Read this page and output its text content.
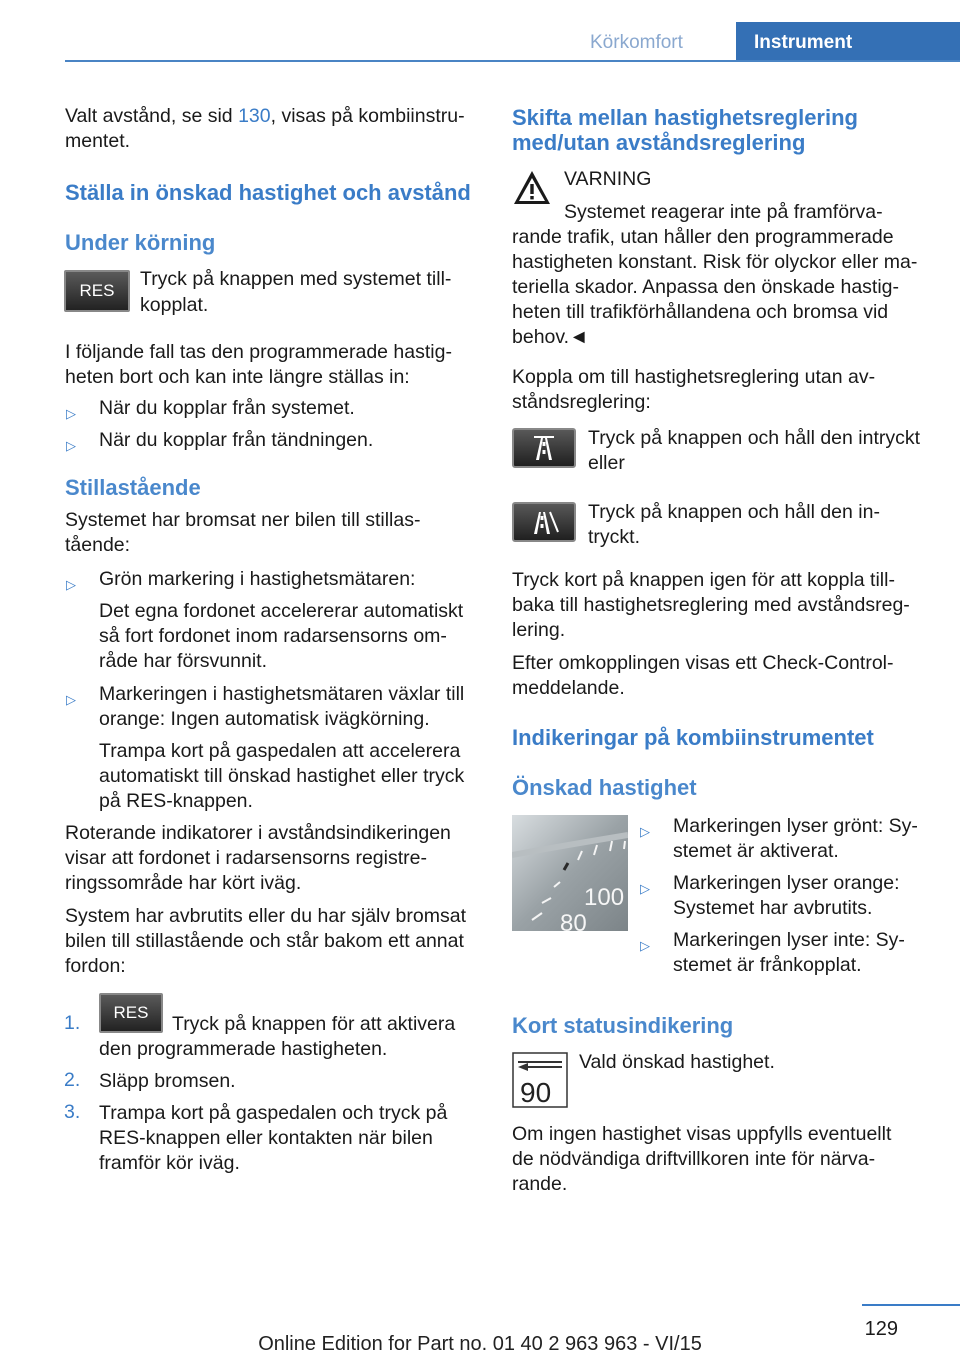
Körkomfort	Instrument
Valt avstånd, se sid 130, visas på kombiinstru-
mentet.
Ställa in önskad hastighet och avstånd
Under körning
RES
Tryck på knappen med systemet till-
kopplat.
I följande fall tas den programmerade hastig-
heten bort och kan inte längre ställas in:
▷ När du kopplar från systemet.
▷ När du kopplar från tändningen.
Stillastående
Systemet har bromsat ner bilen till stillas-
tående:
▷ Grön markering i hastighetsmätaren:
Det egna fordonet accelererar automatiskt
så fort fordonet inom radarsensorns om-
råde har försvunnit.
▷ Markeringen i hastighetsmätaren växlar till
orange: Ingen automatisk ivägkörning.
Trampa kort på gaspedalen att accelerera
automatiskt till önskad hastighet eller tryck
på RES-knappen.
Roterande indikatorer i avståndsindikeringen
visar att fordonet i radarsensorns registre-
ringssområde har kört iväg.
System har avbrutits eller du har själv bromsat
bilen till stillastående och står bakom ett annat
fordon:
1.	RES
Tryck på knappen för att aktivera
den programmerade hastigheten.
2. Släpp bromsen.
3. Trampa kort på gaspedalen och tryck på
RES-knappen eller kontakten när bilen
framför kör iväg.
Skifta mellan hastighetsreglering
med/utan avståndsreglering
VARNING
Systemet reagerar inte på framförva-
rande trafik, utan håller den programmerade
hastigheten konstant. Risk för olyckor eller ma-
teriella skador. Anpassa den önskade hastig-
heten till trafikförhållandena och bromsa vid
behov.◄
Koppla om till hastighetsreglering utan av-
ståndsreglering:
Tryck på knappen och håll den intryckt
eller
Tryck på knappen och håll den in-
tryckt.
Tryck kort på knappen igen för att koppla till-
baka till hastighetsreglering med avståndsreg-
lering.
Efter omkopplingen visas ett Check-Control-
meddelande.
Indikeringar på kombiinstrumentet
Önskad hastighet
100
80
▷ Markeringen lyser grönt: Sy-
stemet är aktiverat.
▷ Markeringen lyser orange:
Systemet har avbrutits.
▷ Markeringen lyser inte: Sy-
stemet är frånkopplat.
Kort statusindikering
90
Vald önskad hastighet.
Om ingen hastighet visas uppfylls eventuellt
de nödvändiga driftvillkoren inte för närva-
rande.
129
Online Edition for Part no. 01 40 2 963 963 - VI/15
